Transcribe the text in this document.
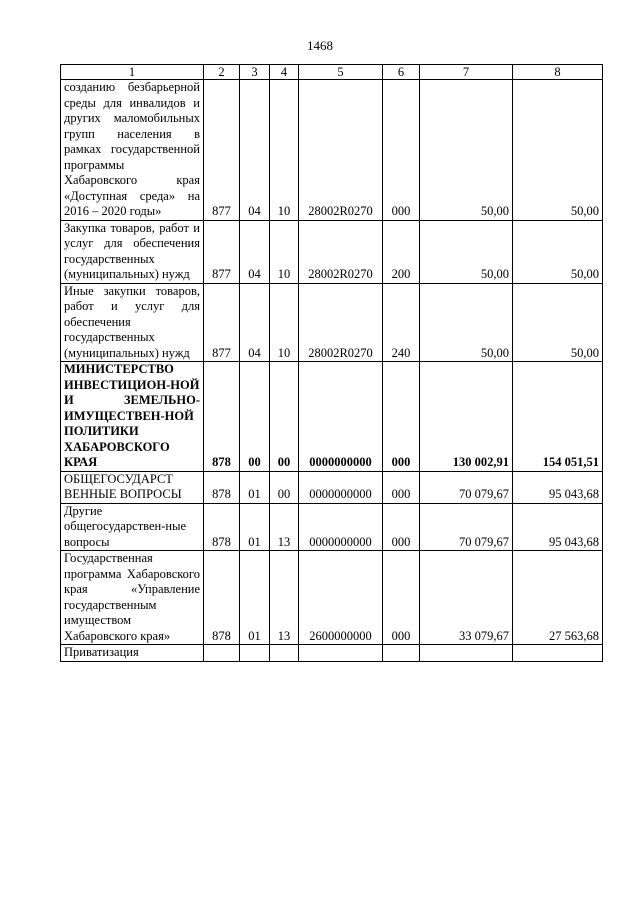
1468
1	2	3	4	5	6	7	8
созданию безбарьерной среды для инвалидов и других маломобильных групп населения в рамках государственной программы Хабаровского края «Доступная среда» на 2016 – 2020 годы»	877	04	10	28002R0270	000	50,00	50,00
Закупка товаров, работ и услуг для обеспечения государственных (муниципальных) нужд	877	04	10	28002R0270	200	50,00	50,00
Иные закупки товаров, работ и услуг для обеспечения государственных (муниципальных) нужд	877	04	10	28002R0270	240	50,00	50,00
МИНИСТЕРСТВО ИНВЕСТИЦИОН-НОЙ И ЗЕМЕЛЬНО-ИМУЩЕСТВЕН-НОЙ ПОЛИТИКИ ХАБАРОВСКОГО КРАЯ	878	00	00	0000000000	000	130 002,91	154 051,51
ОБЩЕГОСУДАРСТ ВЕННЫЕ ВОПРОСЫ	878	01	00	0000000000	000	70 079,67	95 043,68
Другие общегосударствен-ные вопросы	878	01	13	0000000000	000	70 079,67	95 043,68
Государственная программа Хабаровского края «Управление государственным имуществом Хабаровского края»	878	01	13	2600000000	000	33 079,67	27 563,68
Приватизация							
